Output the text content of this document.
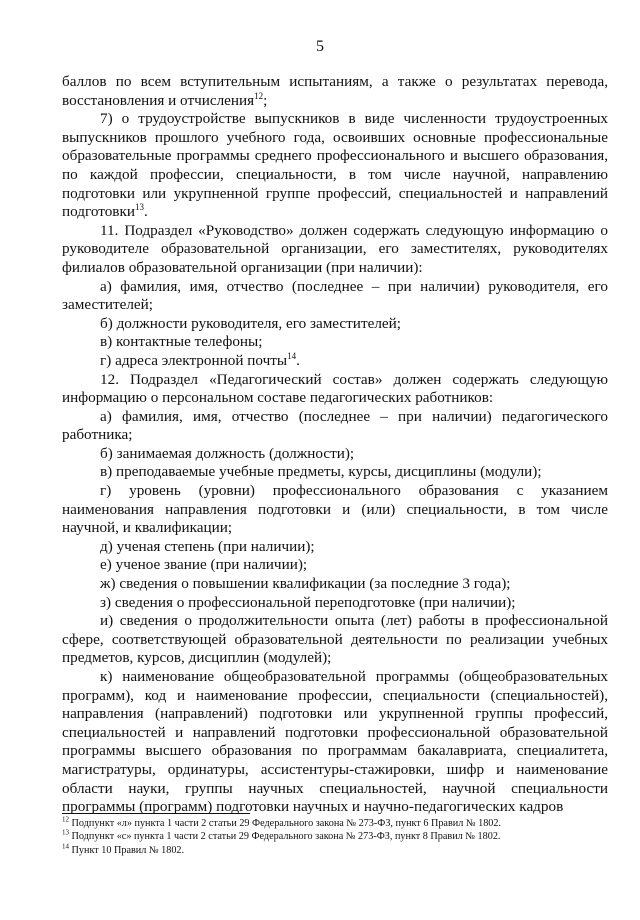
5

баллов по всем вступительным испытаниям, а также о результатах перевода, восстановления и отчисления$^{12}$;

7) о трудоустройстве выпускников в виде численности трудоустроенных выпускников прошлого учебного года, освоивших основные профессиональные образовательные программы среднего профессионального и высшего образования, по каждой профессии, специальности, в том числе научной, направлению подготовки или укрупненной группе профессий, специальностей и направлений подготовки$^{13}$.

11. Подраздел «Руководство» должен содержать следующую информацию о руководителе образовательной организации, его заместителях, руководителях филиалов образовательной организации (при наличии):

а) фамилия, имя, отчество (последнее – при наличии) руководителя, его заместителей;

б) должности руководителя, его заместителей;

в) контактные телефоны;

г) адреса электронной почты$^{14}$.

12. Подраздел «Педагогический состав» должен содержать следующую информацию о персональном составе педагогических работников:

а) фамилия, имя, отчество (последнее – при наличии) педагогического работника;

б) занимаемая должность (должности);

в) преподаваемые учебные предметы, курсы, дисциплины (модули);

г) уровень (уровни) профессионального образования с указанием наименования направления подготовки и (или) специальности, в том числе научной, и квалификации;

д) ученая степень (при наличии);

е) ученое звание (при наличии);

ж) сведения о повышении квалификации (за последние 3 года);

з) сведения о профессиональной переподготовке (при наличии);

и) сведения о продолжительности опыта (лет) работы в профессиональной сфере, соответствующей образовательной деятельности по реализации учебных предметов, курсов, дисциплин (модулей);

к) наименование общеобразовательной программы (общеобразовательных программ), код и наименование профессии, специальности (специальностей), направления (направлений) подготовки или укрупненной группы профессий, специальностей и направлений подготовки профессиональной образовательной программы высшего образования по программам бакалавриата, специалитета, магистратуры, ординатуры, ассистентуры-стажировки, шифр и наименование области науки, группы научных специальностей, научной специальности программы (программ) подготовки научных и научно-педагогических кадров

$^{12}$ Подпункт «л» пункта 1 части 2 статьи 29 Федерального закона № 273-ФЗ, пункт 6 Правил № 1802.

$^{13}$ Подпункт «с» пункта 1 части 2 статьи 29 Федерального закона № 273-ФЗ, пункт 8 Правил № 1802.

$^{14}$ Пункт 10 Правил № 1802.
